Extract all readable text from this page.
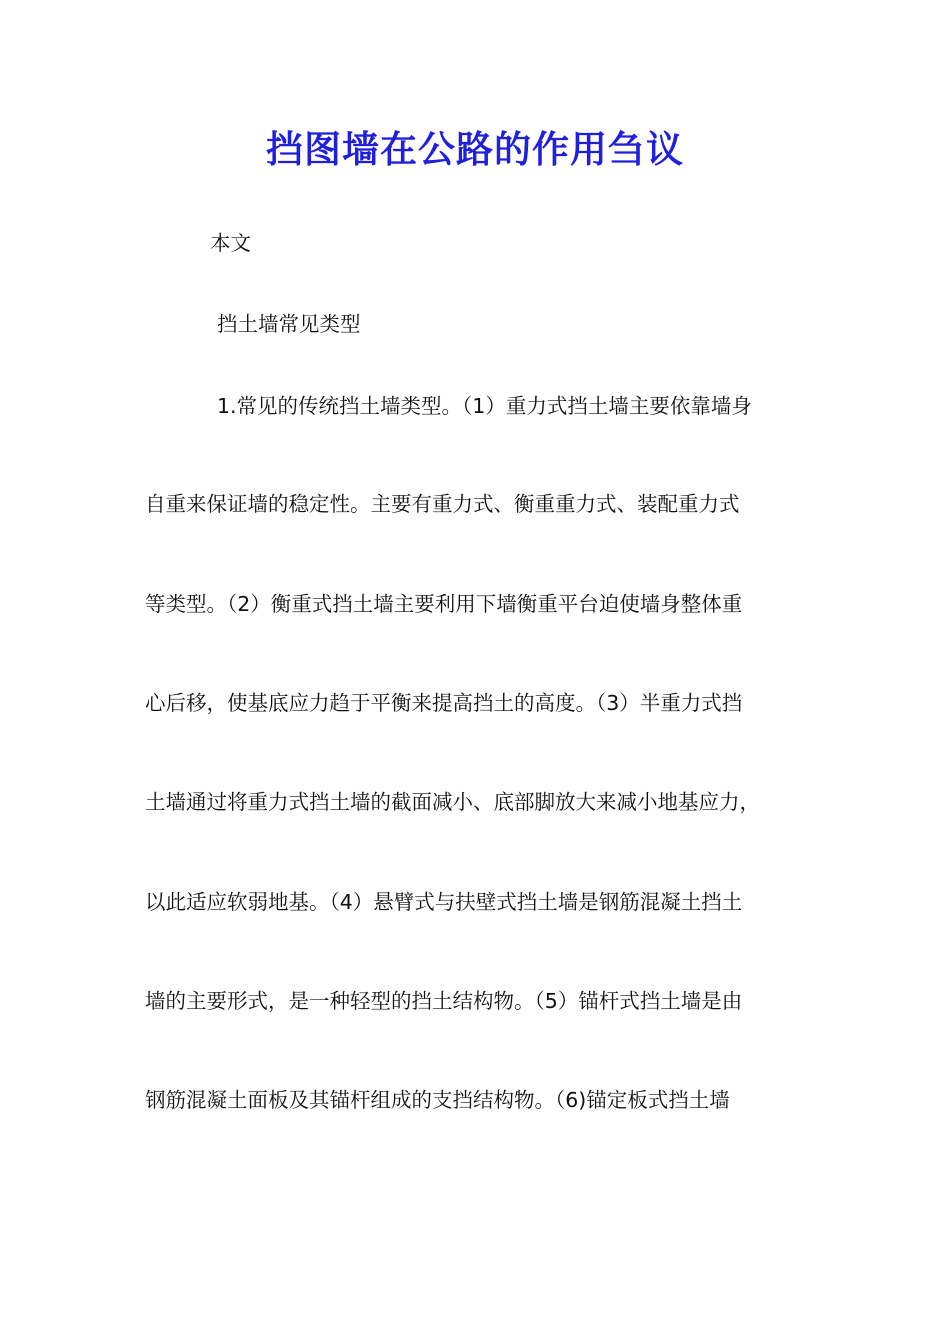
挡图墙在公路的作用刍议

本文

挡土墙常见类型

1.常见的传统挡土墙类型。（1）重力式挡土墙主要依靠墙身

自重来保证墙的稳定性。主要有重力式、衡重重力式、装配重力式

等类型。（2）衡重式挡土墙主要利用下墙衡重平台迫使墙身整体重

心后移，使基底应力趋于平衡来提高挡土的高度。（3）半重力式挡

土墙通过将重力式挡土墙的截面减小、底部脚放大来减小地基应力，

以此适应软弱地基。（4）悬臂式与扶壁式挡土墙是钢筋混凝土挡土

墙的主要形式，是一种轻型的挡土结构物。（5）锚杆式挡土墙是由

钢筋混凝土面板及其锚杆组成的支挡结构物。（6)锚定板式挡土墙
